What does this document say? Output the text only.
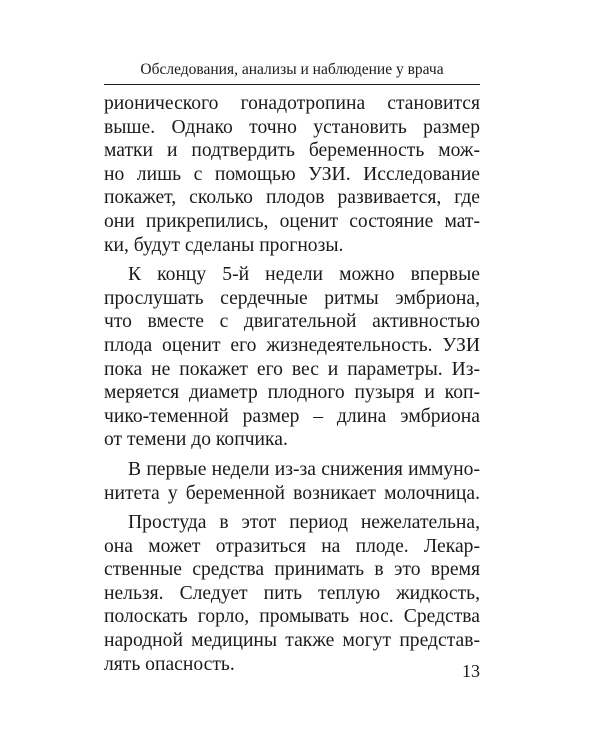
Обследования, анализы и наблюдение у врача
рионического гонадотропина становится
выше. Однако точно установить размер
матки и подтвердить беременность мож-
но лишь с помощью УЗИ. Исследование
покажет, сколько плодов развивается, где
они прикрепились, оценит состояние мат-
ки, будут сделаны прогнозы.
К концу 5-й недели можно впервые
прослушать сердечные ритмы эмбриона,
что вместе с двигательной активностью
плода оценит его жизнедеятельность. УЗИ
пока не покажет его вес и параметры. Из-
меряется диаметр плодного пузыря и коп-
чико-теменной размер – длина эмбриона
от темени до копчика.
В первые недели из-за снижения иммуно-
нитета у беременной возникает молочница.
Простуда в этот период нежелательна,
она может отразиться на плоде. Лекар-
ственные средства принимать в это время
нельзя. Следует пить теплую жидкость,
полоскать горло, промывать нос. Средства
народной медицины также могут представ-
лять опасность.	13
